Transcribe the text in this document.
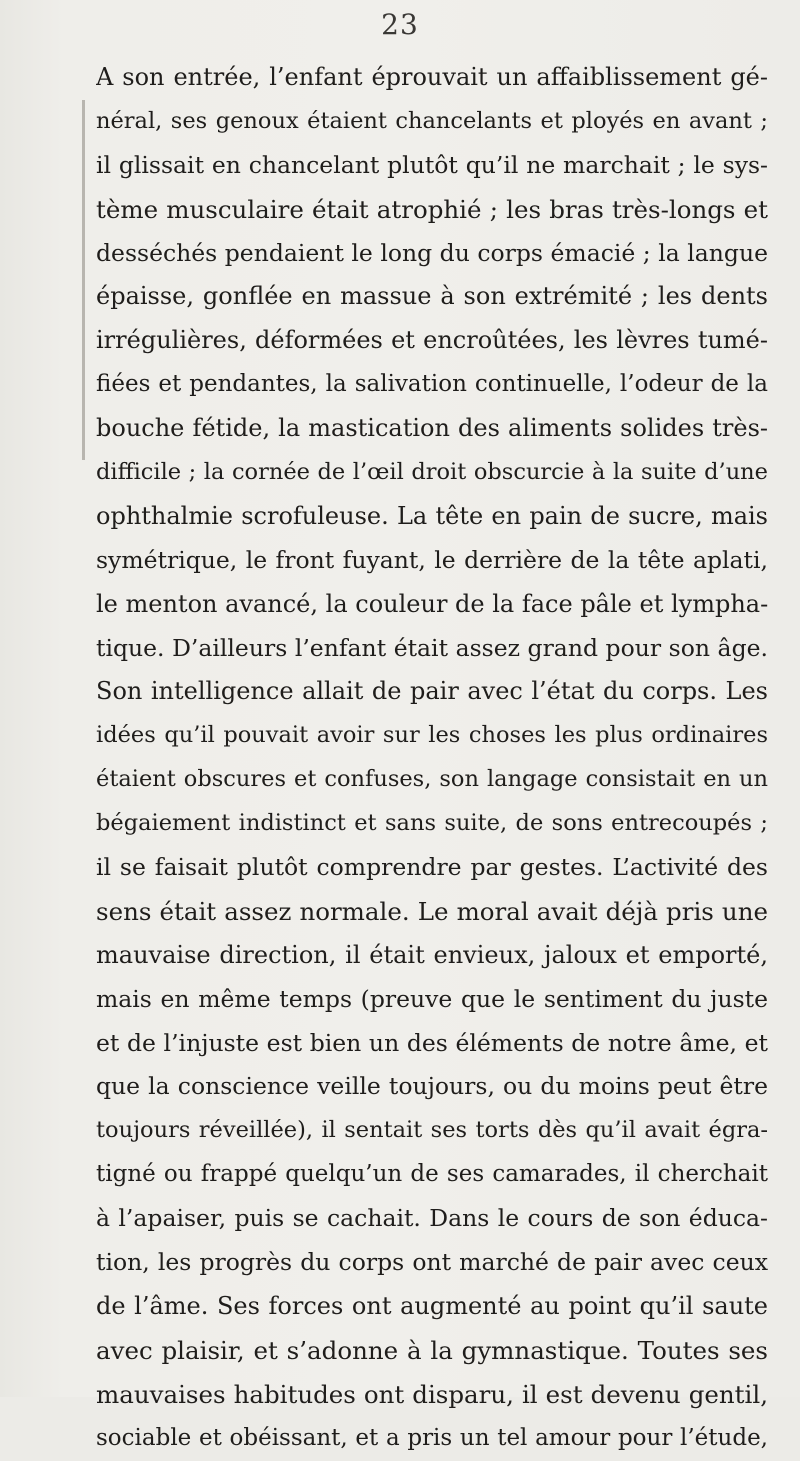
23
A son entrée, l’enfant éprouvait un affaiblissement gé-
néral, ses genoux étaient chancelants et ployés en avant ;
il glissait en chancelant plutôt qu’il ne marchait ; le sys-
tème musculaire était atrophié ; les bras très-longs et
desséchés pendaient le long du corps émacié ; la langue
épaisse, gonflée en massue à son extrémité ; les dents
irrégulières, déformées et encroûtées, les lèvres tumé-
fiées et pendantes, la salivation continuelle, l’odeur de la
bouche fétide, la mastication des aliments solides très-
difficile ; la cornée de l’œil droit obscurcie à la suite d’une
ophthalmie scrofuleuse. La tête en pain de sucre, mais
symétrique, le front fuyant, le derrière de la tête aplati,
le menton avancé, la couleur de la face pâle et lympha-
tique. D’ailleurs l’enfant était assez grand pour son âge.
Son intelligence allait de pair avec l’état du corps. Les
idées qu’il pouvait avoir sur les choses les plus ordinaires
étaient obscures et confuses, son langage consistait en un
bégaiement indistinct et sans suite, de sons entrecoupés ;
il se faisait plutôt comprendre par gestes. L’activité des
sens était assez normale. Le moral avait déjà pris une
mauvaise direction, il était envieux, jaloux et emporté,
mais en même temps (preuve que le sentiment du juste
et de l’injuste est bien un des éléments de notre âme, et
que la conscience veille toujours, ou du moins peut être
toujours réveillée), il sentait ses torts dès qu’il avait égra-
tigné ou frappé quelqu’un de ses camarades, il cherchait
à l’apaiser, puis se cachait. Dans le cours de son éduca-
tion, les progrès du corps ont marché de pair avec ceux
de l’âme. Ses forces ont augmenté au point qu’il saute
avec plaisir, et s’adonne à la gymnastique. Toutes ses
mauvaises habitudes ont disparu, il est devenu gentil,
sociable et obéissant, et a pris un tel amour pour l’étude,
